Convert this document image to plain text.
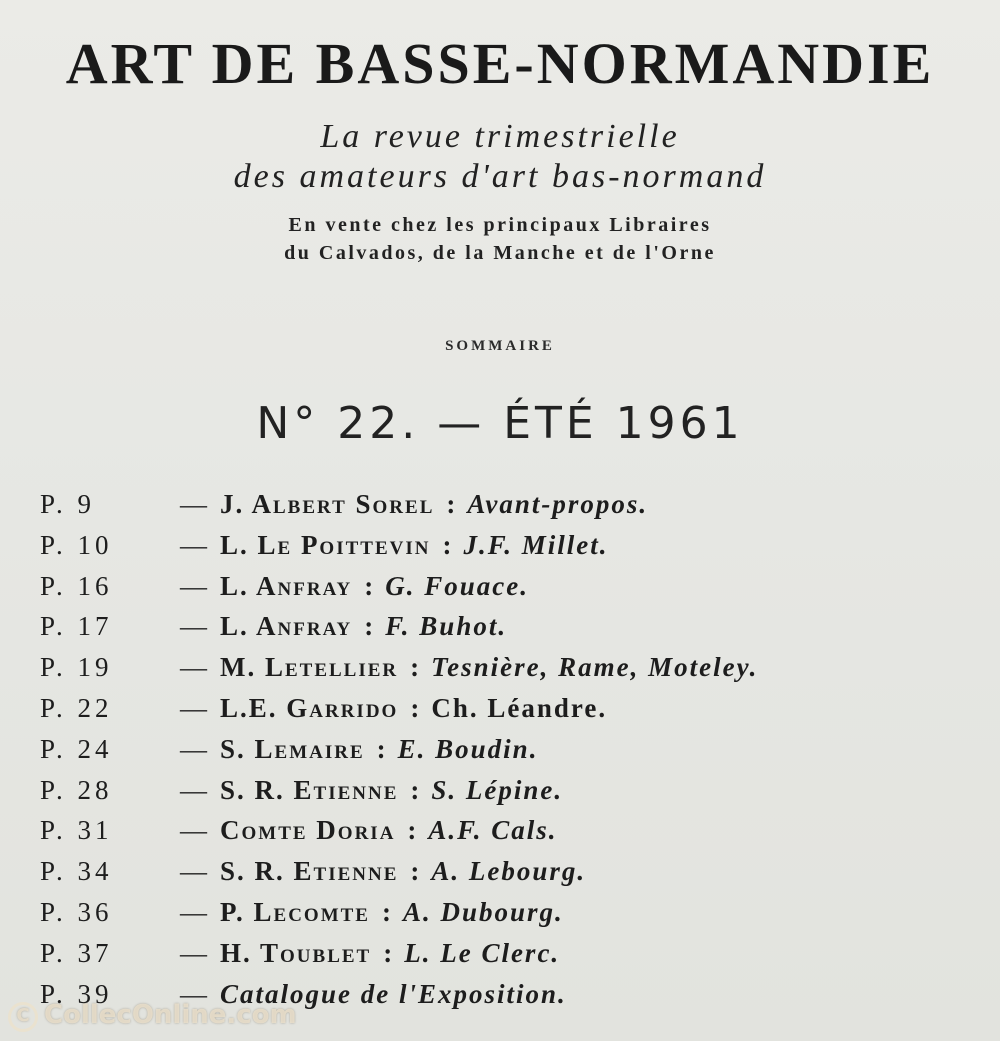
ART DE BASSE-NORMANDIE
La revue trimestrielle
des amateurs d'art bas-normand
En vente chez les principaux Libraires
du Calvados, de la Manche et de l'Orne
SOMMAIRE
N° 22. — ÉTÉ 1961
P. 9	— J. Albert Sorel : Avant-propos.
P. 10	— L. Le Poittevin : J.F. Millet.
P. 16	— L. Anfray : G. Fouace.
P. 17	— L. Anfray : F. Buhot.
P. 19	— M. Letellier : Tesnière, Rame, Moteley.
P. 22	— L.E. Garrido : Ch. Léandre.
P. 24	— S. Lemaire : E. Boudin.
P. 28	— S. R. Etienne : S. Lépine.
P. 31	— Comte Doria : A.F. Cals.
P. 34	— S. R. Etienne : A. Lebourg.
P. 36	— P. Lecomte : A. Dubourg.
P. 37	— H. Toublet : L. Le Clerc.
P. 39	— Catalogue de l'Exposition.
C CollecOnline.com
